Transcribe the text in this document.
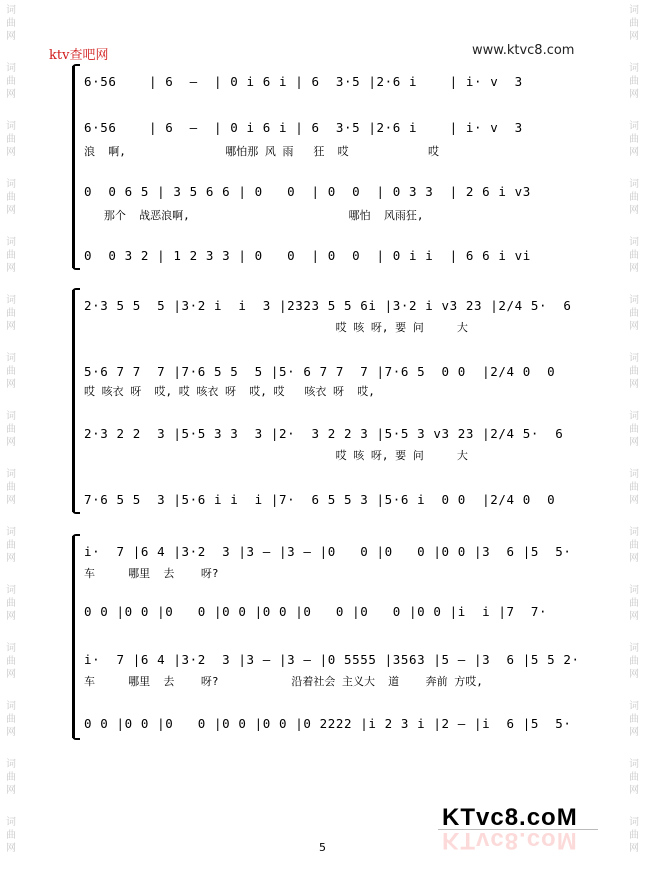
词
曲
网
词
曲
网
词
曲
网
词
曲
网
词
曲
网
词
曲
网
词
曲
网
词
曲
网
词
曲
网
词
曲
网
词
曲
网
词
曲
网
词
曲
网
词
曲
网
词
曲
网
词
曲
网
词
曲
网
词
曲
网
词
曲
网
词
曲
网
词
曲
网
词
曲
网
词
曲
网
词
曲
网
词
曲
网
词
曲
网
词
曲
网
词
曲
网
词
曲
网
词
曲
网
ktv查吧网	www.ktvc8.com
6·56    | 6  –  | 0 i 6 i | 6  3·5 |2·6 i    | i· v  3
6·56    | 6  –  | 0 i 6 i | 6  3·5 |2·6 i    | i· v  3
浪  啊,               哪怕那 风 雨   狂  哎            哎
0  0 6 5 | 3 5 6 6 | 0   0  | 0  0  | 0 3 3  | 2 6 i v3
那个  战恶浪啊,                        哪怕  风雨狂,
0  0 3 2 | 1 2 3 3 | 0   0  | 0  0  | 0 i i  | 6 6 i vi
2·3 5 5  5 |3·2 i  i  3 |2323 5 5 6i |3·2 i v3 23 |2/4 5·  6
哎 咳 呀, 要 问     大
5·6 7 7  7 |7·6 5 5  5 |5· 6 7 7  7 |7·6 5  0 0  |2/4 0  0
哎 咳衣 呀  哎, 哎 咳衣 呀  哎, 哎   咳衣 呀  哎,
2·3 2 2  3 |5·5 3 3  3 |2·  3 2 2 3 |5·5 3 v3 23 |2/4 5·  6
哎 咳 呀, 要 问     大
7·6 5 5  3 |5·6 i i  i |7·  6 5 5 3 |5·6 i  0 0  |2/4 0  0
i·  7 |6 4 |3·2  3 |3 – |3 – |0   0 |0   0 |0 0 |3  6 |5  5·
车     哪里  去    呀?
0 0 |0 0 |0   0 |0 0 |0 0 |0   0 |0   0 |0 0 |i  i |7  7·
i·  7 |6 4 |3·2  3 |3 – |3 – |0 5555 |3563 |5 – |3  6 |5 5 2·
车     哪里  去    呀?           沿着社会 主义大  道    奔前 方哎,
0 0 |0 0 |0   0 |0 0 |0 0 |0 2222 |i 2 3 i |2 – |i  6 |5  5·
5
KTvc8.coM
KTvc8.coM
